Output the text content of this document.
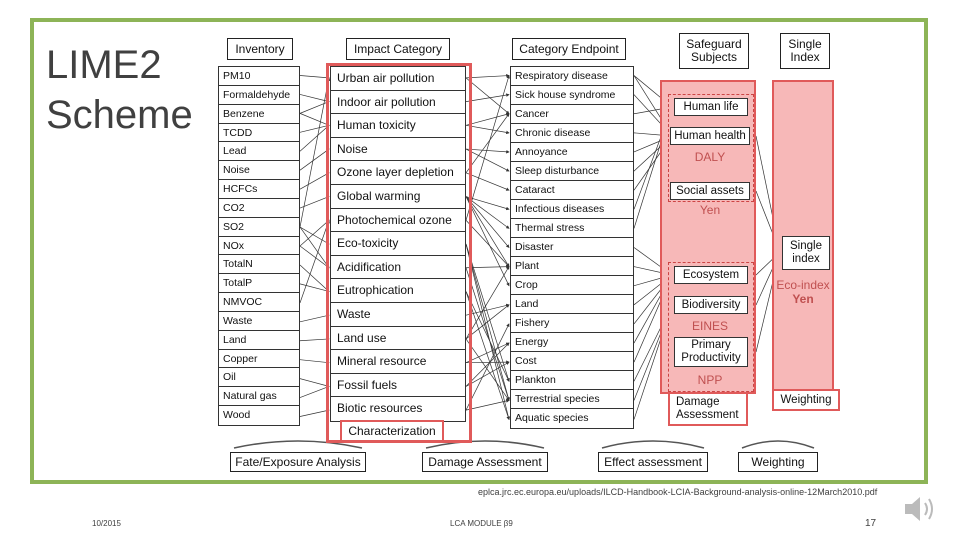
LIME2
Scheme
Inventory	Impact Category	Category Endpoint	Safeguard Subjects
Single Index
PM10
Formaldehyde
Benzene
TCDD
Lead
Noise
HCFCs
CO2
SO2
NOx
TotalN
TotalP
NMVOC
Waste
Land
Copper
Oil
Natural gas
Wood
Urban air pollution
Indoor air pollution
Human toxicity
Noise
Ozone layer depletion
Global warming
Photochemical ozone
Eco-toxicity
Acidification
Eutrophication
Waste
Land use
Mineral resource
Fossil fuels
Biotic resources
Characterization
Respiratory disease
Sick house syndrome
Cancer
Chronic disease
Annoyance
Sleep disturbance
Cataract
Infectious diseases
Thermal stress
Disaster
Plant
Crop
Land
Fishery
Energy
Cost
Plankton
Terrestrial species
Aquatic species
Human life
Human health
DALY
Social assets
Yen
Ecosystem
Biodiversity
EINES
Primary Productivity
NPP
Damage Assessment
Single index
Eco-index
Yen
Weighting
Fate/Exposure Analysis	Damage Assessment	Effect assessment	Weighting
eplca.jrc.ec.europa.eu/uploads/ILCD-Handbook-LCIA-Background-analysis-online-12March2010.pdf
10/2015	LCA MODULE β9	17
